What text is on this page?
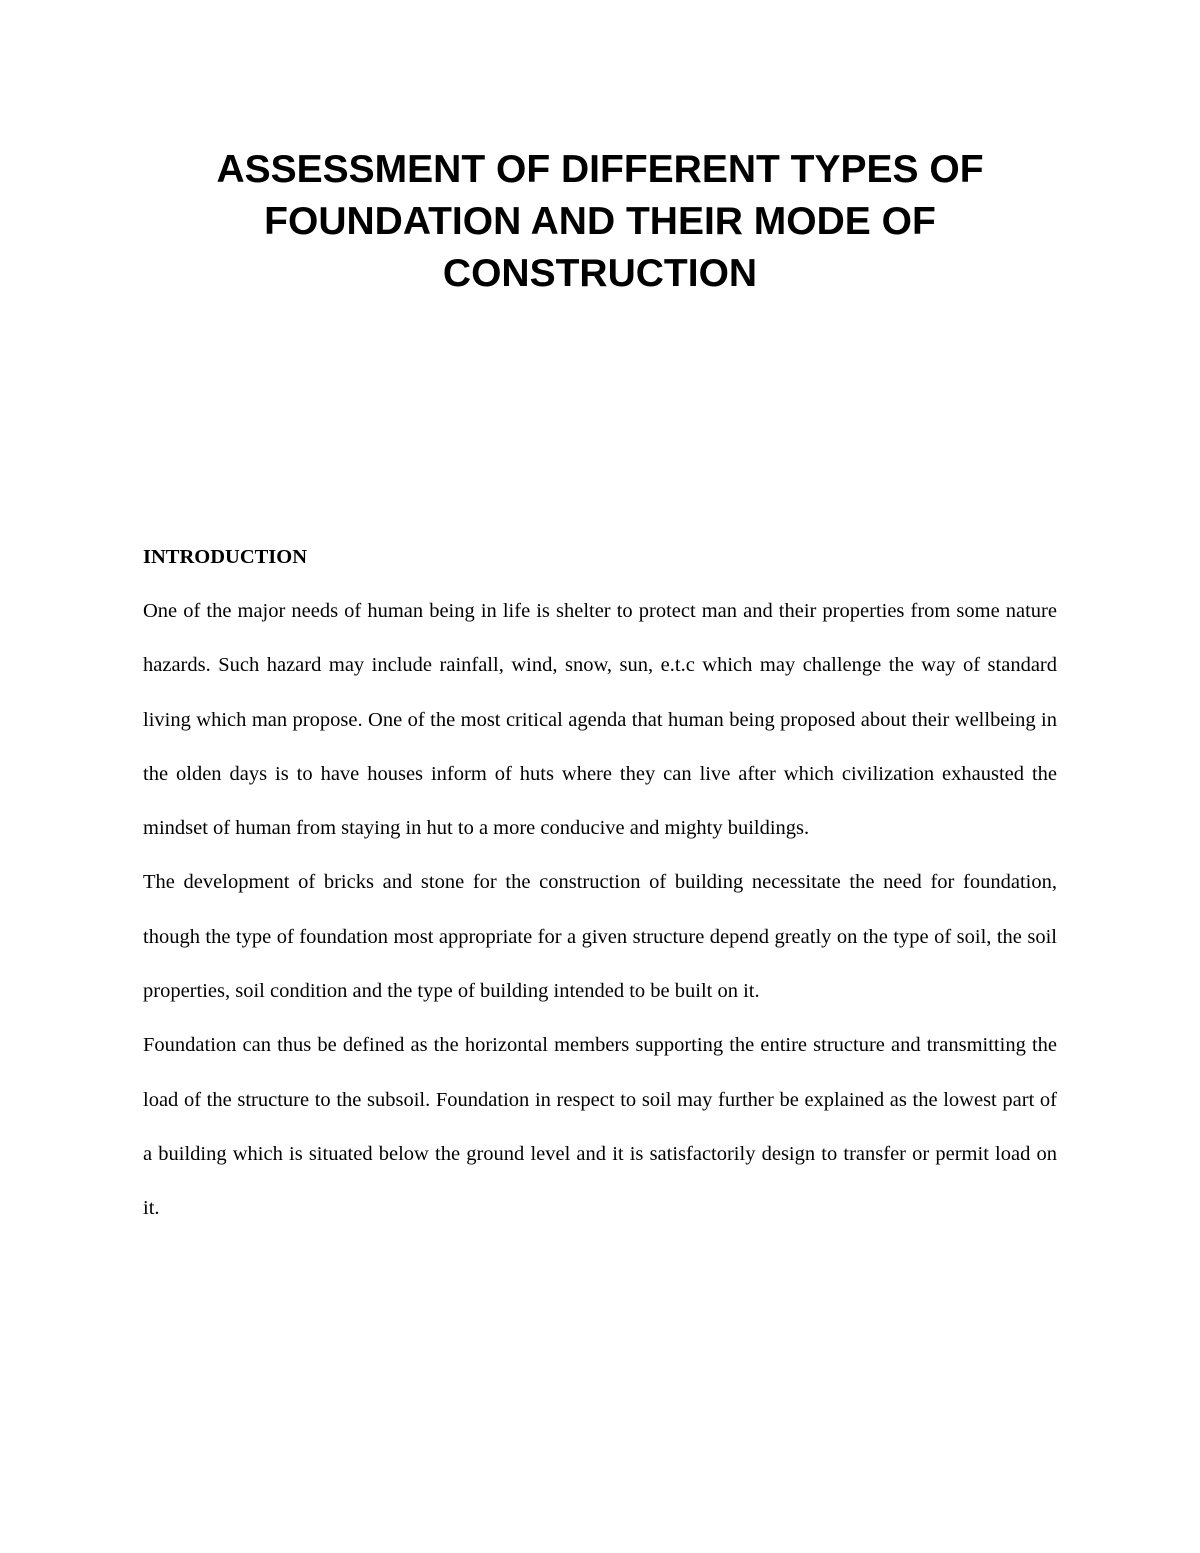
ASSESSMENT OF DIFFERENT TYPES OF
FOUNDATION AND THEIR MODE OF
CONSTRUCTION
INTRODUCTION

One of the major needs of human being in life is shelter to protect man and their properties from some nature hazards. Such hazard may include rainfall, wind, snow, sun, e.t.c which may challenge the way of standard living which man propose. One of the most critical agenda that human being proposed about their wellbeing in the olden days is to have houses inform of huts where they can live after which civilization exhausted the mindset of human from staying in hut to a more conducive and mighty buildings.

The development of bricks and stone for the construction of building necessitate the need for foundation, though the type of foundation most appropriate for a given structure depend greatly on the type of soil, the soil properties, soil condition and the type of building intended to be built on it.

Foundation can thus be defined as the horizontal members supporting the entire structure and transmitting the load of the structure to the subsoil. Foundation in respect to soil may further be explained as the lowest part of a building which is situated below the ground level and it is satisfactorily design to transfer or permit load on it.
